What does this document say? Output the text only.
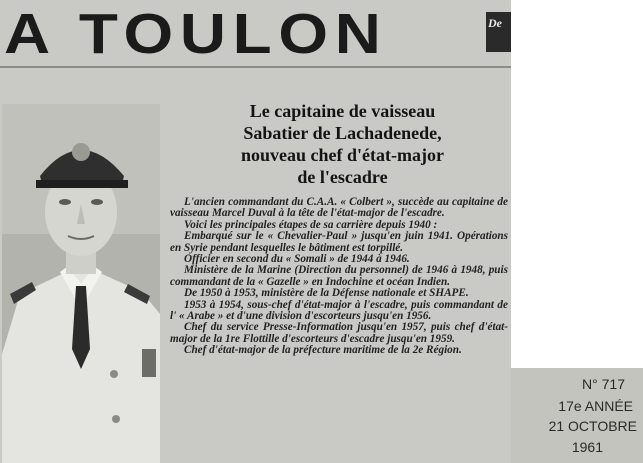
A TOULON	De
Le capitaine de vaisseau
Sabatier de Lachadenede,
nouveau chef d'état-major
de l'escadre

L'ancien commandant du C.A.A. « Colbert », succède au capitaine de vaisseau Marcel Duval à la tête de l'état-major de l'escadre.

Voici les principales étapes de sa carrière depuis 1940 :

Embarqué sur le « Chevalier-Paul » jusqu'en juin 1941. Opérations en Syrie pendant lesquelles le bâtiment est torpillé.

Officier en second du « Somali » de 1944 à 1946.

Ministère de la Marine (Direction du personnel) de 1946 à 1948, puis commandant de la « Gazelle » en Indochine et océan Indien.

De 1950 à 1953, ministère de la Défense nationale et SHAPE.

1953 à 1954, sous-chef d'état-major à l'escadre, puis commandant de l' « Arabe » et d'une division d'escorteurs jusqu'en 1956.

Chef du service Presse-Information jusqu'en 1957, puis chef d'état-major de la 1re Flottille d'escorteurs d'escadre jusqu'en 1959.

Chef d'état-major de la préfecture maritime de la 2e Région.

N° 717
17e ANNÉE
21 OCTOBRE
1961
